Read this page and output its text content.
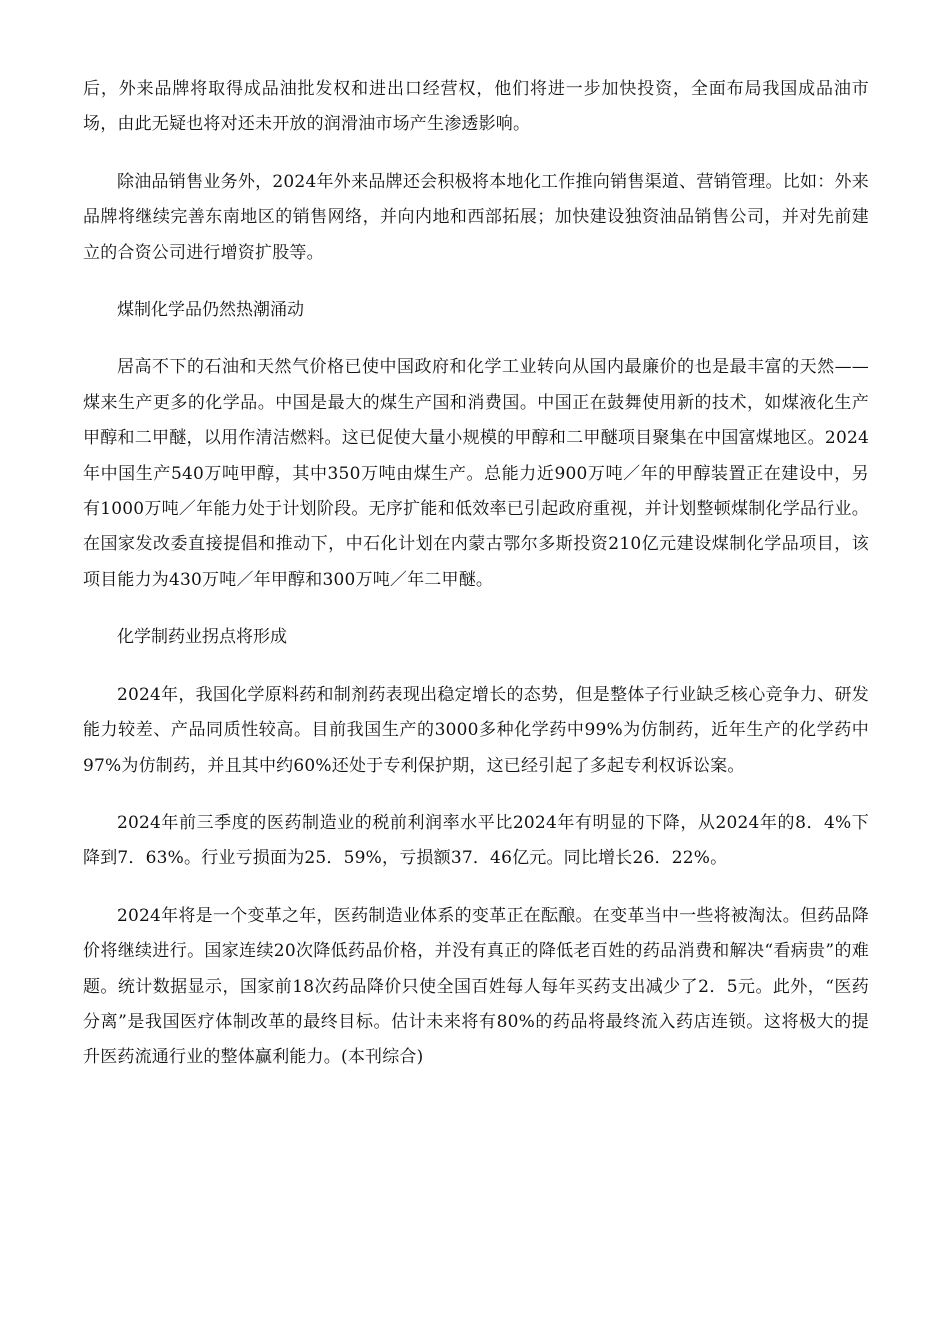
后，外来品牌将取得成品油批发权和进出口经营权，他们将进一步加快投资，全面布局我国成品油市场，由此无疑也将对还未开放的润滑油市场产生渗透影响。

除油品销售业务外，2024年外来品牌还会积极将本地化工作推向销售渠道、营销管理。比如：外来品牌将继续完善东南地区的销售网络，并向内地和西部拓展；加快建设独资油品销售公司，并对先前建立的合资公司进行增资扩股等。

煤制化学品仍然热潮涌动

居高不下的石油和天然气价格已使中国政府和化学工业转向从国内最廉价的也是最丰富的天然——煤来生产更多的化学品。中国是最大的煤生产国和消费国。中国正在鼓舞使用新的技术，如煤液化生产甲醇和二甲醚，以用作清洁燃料。这已促使大量小规模的甲醇和二甲醚项目聚集在中国富煤地区。2024年中国生产540万吨甲醇，其中350万吨由煤生产。总能力近900万吨／年的甲醇装置正在建设中，另有1000万吨／年能力处于计划阶段。无序扩能和低效率已引起政府重视，并计划整顿煤制化学品行业。在国家发改委直接提倡和推动下，中石化计划在内蒙古鄂尔多斯投资210亿元建设煤制化学品项目，该项目能力为430万吨／年甲醇和300万吨／年二甲醚。

化学制药业拐点将形成

2024年，我国化学原料药和制剂药表现出稳定增长的态势，但是整体子行业缺乏核心竞争力、研发能力较差、产品同质性较高。目前我国生产的3000多种化学药中99%为仿制药，近年生产的化学药中97%为仿制药，并且其中约60%还处于专利保护期，这已经引起了多起专利权诉讼案。

2024年前三季度的医药制造业的税前利润率水平比2024年有明显的下降，从2024年的8．4%下降到7．63%。行业亏损面为25．59%，亏损额37．46亿元。同比增长26．22%。

2024年将是一个变革之年，医药制造业体系的变革正在酝酿。在变革当中一些将被淘汰。但药品降价将继续进行。国家连续20次降低药品价格，并没有真正的降低老百姓的药品消费和解决“看病贵”的难题。统计数据显示，国家前18次药品降价只使全国百姓每人每年买药支出减少了2．5元。此外，“医药分离”是我国医疗体制改革的最终目标。估计未来将有80%的药品将最终流入药店连锁。这将极大的提升医药流通行业的整体赢利能力。(本刊综合)
